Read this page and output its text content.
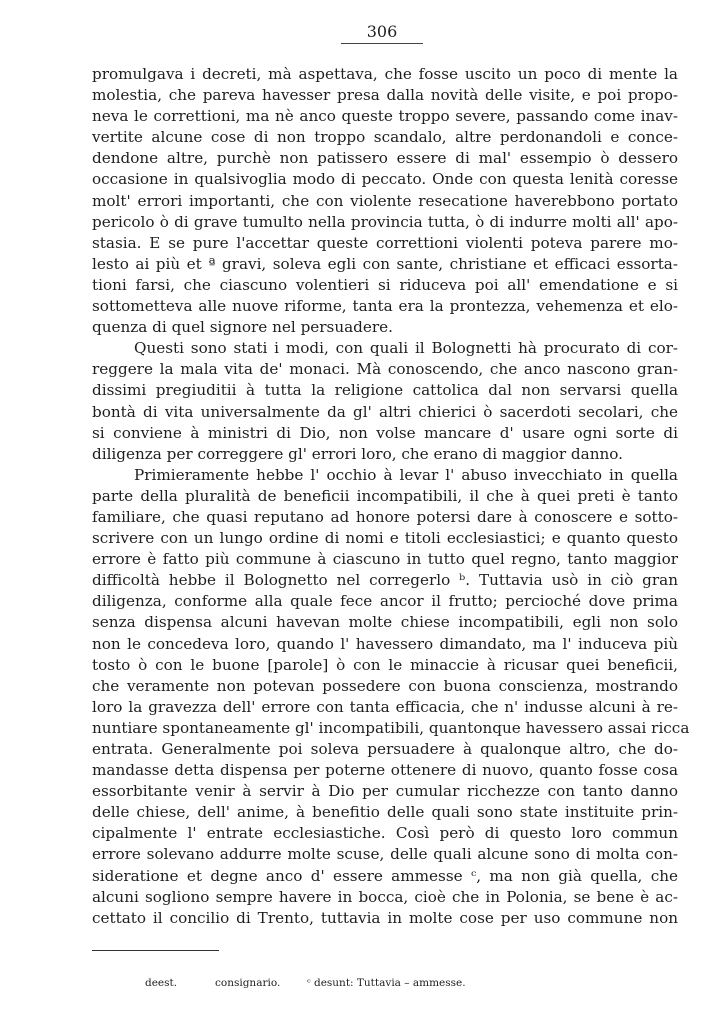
306
promulgava i decreti, mà aspettava, che fosse uscito un poco di mente la
molestia, che pareva havesser presa dalla novità delle visite, e poi propo-
neva le correttioni, ma nè anco queste troppo severe, passando come inav-
vertite alcune cose di non troppo scandalo, altre perdonandoli e conce-
dendone altre, purchè non patissero essere di mal' essempio ò dessero
occasione in qualsivoglia modo di peccato. Onde con questa lenità coresse
molt' errori importanti, che con violente resecatione haverebbono portato
pericolo ò di grave tumulto nella provincia tutta, ò di indurre molti all' apo-
stasia. E se pure l'accettar queste correttioni violenti poteva parere mo-
lesto ai più et ª gravi, soleva egli con sante, christiane et efficaci essorta-
tioni farsi, che ciascuno volentieri si riduceva poi all' emendatione e si
sottometteva alle nuove riforme, tanta era la prontezza, vehemenza et elo-
quenza di quel signore nel persuadere.
Questi sono stati i modi, con quali il Bolognetti hà procurato di cor-
reggere la mala vita de' monaci. Mà conoscendo, che anco nascono gran-
dissimi pregiuditii à tutta la religione cattolica dal non servarsi quella
bontà di vita universalmente da gl' altri chierici ò sacerdoti secolari, che
si conviene à ministri di Dio, non volse mancare d' usare ogni sorte di
diligenza per correggere gl' errori loro, che erano di maggior danno.
Primieramente hebbe l' occhio à levar l' abuso invecchiato in quella
parte della pluralità de beneficii incompatibili, il che à quei preti è tanto
familiare, che quasi reputano ad honore potersi dare à conoscere e sotto-
scrivere con un lungo ordine di nomi e titoli ecclesiastici; e quanto questo
errore è fatto più commune à ciascuno in tutto quel regno, tanto maggior
difficoltà hebbe il Bolognetto nel corregerlo ᵇ. Tuttavia usò in ciò gran
diligenza, conforme alla quale fece ancor il frutto; percioché dove prima
senza dispensa alcuni havevan molte chiese incompatibili, egli non solo
non le concedeva loro, quando l' havessero dimandato, ma l' induceva più
tosto ò con le buone [parole] ò con le minaccie à ricusar quei beneficii,
che veramente non potevan possedere con buona conscienza, mostrando
loro la gravezza dell' errore con tanta efficacia, che n' indusse alcuni à re-
nuntiare spontaneamente gl' incompatibili, quantonque havessero assai ricca
entrata. Generalmente poi soleva persuadere à qualonque altro, che do-
mandasse detta dispensa per poterne ottenere di nuovo, quanto fosse cosa
essorbitante venir à servir à Dio per cumular ricchezze con tanto danno
delle chiese, dell' anime, à benefitio delle quali sono state instituite prin-
cipalmente l' entrate ecclesiastiche. Così però di questo loro commun
errore solevano addurre molte scuse, delle quali alcune sono di molta con-
sideratione et degne anco d' essere ammesse ᶜ, ma non già quella, che
alcuni sogliono sempre havere in bocca, cioè che in Polonia, se bene è ac-
cettato il concilio di Trento, tuttavia in molte cose per uso commune non
deest.	consignario.	ᶜ desunt: Tuttavia – ammesse.
